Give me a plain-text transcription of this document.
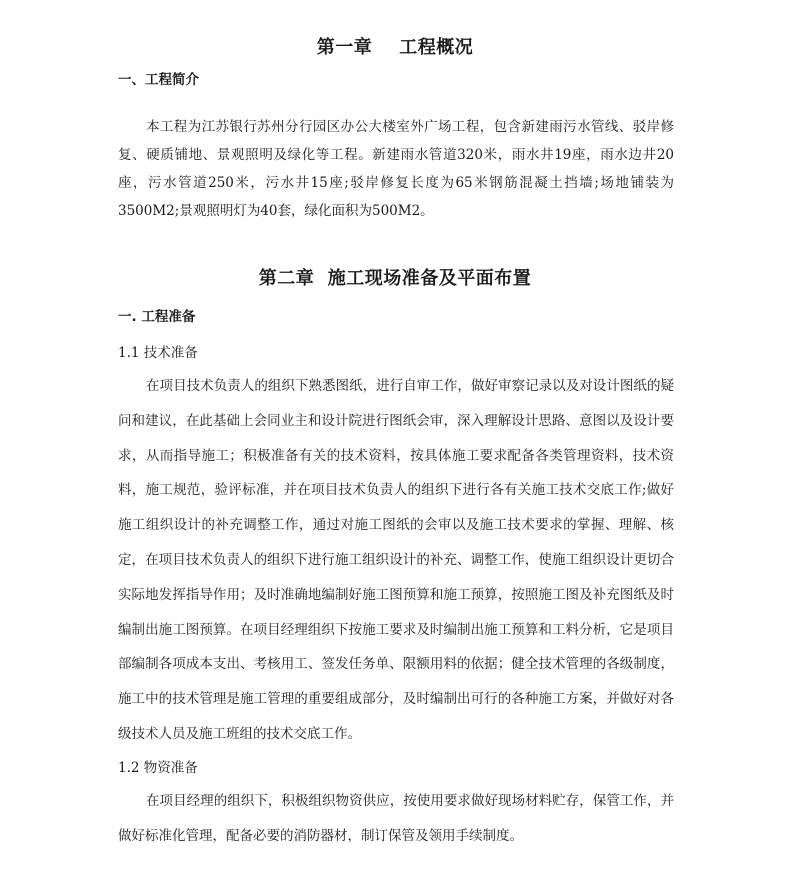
第一章    工程概况
一、工程简介

本工程为江苏银行苏州分行园区办公大楼室外广场工程，包含新建雨污水管线、驳岸修复、硬质铺地、景观照明及绿化等工程。新建雨水管道320米，雨水井19座，雨水边井20座，污水管道250米，污水井15座;驳岸修复长度为65米钢筋混凝土挡墙;场地铺装为3500M2;景观照明灯为40套，绿化面积为500M2。

第二章  施工现场准备及平面布置
一. 工程准备
1.1 技术准备

在项目技术负责人的组织下熟悉图纸，进行自审工作，做好审察记录以及对设计图纸的疑问和建议，在此基础上会同业主和设计院进行图纸会审，深入理解设计思路、意图以及设计要求，从而指导施工；积极准备有关的技术资料，按具体施工要求配备各类管理资料，技术资料，施工规范，验评标准，并在项目技术负责人的组织下进行各有关施工技术交底工作;做好施工组织设计的补充调整工作，通过对施工图纸的会审以及施工技术要求的掌握、理解、核定，在项目技术负责人的组织下进行施工组织设计的补充、调整工作，使施工组织设计更切合实际地发挥指导作用；及时准确地编制好施工图预算和施工预算，按照施工图及补充图纸及时编制出施工图预算。在项目经理组织下按施工要求及时编制出施工预算和工料分析，它是项目部编制各项成本支出、考核用工、签发任务单、限额用料的依据；健全技术管理的各级制度，施工中的技术管理是施工管理的重要组成部分，及时编制出可行的各种施工方案，并做好对各级技术人员及施工班组的技术交底工作。

1.2 物资准备

在项目经理的组织下，积极组织物资供应，按使用要求做好现场材料贮存，保管工作，并做好标准化管理，配备必要的消防器材，制订保管及领用手续制度。
